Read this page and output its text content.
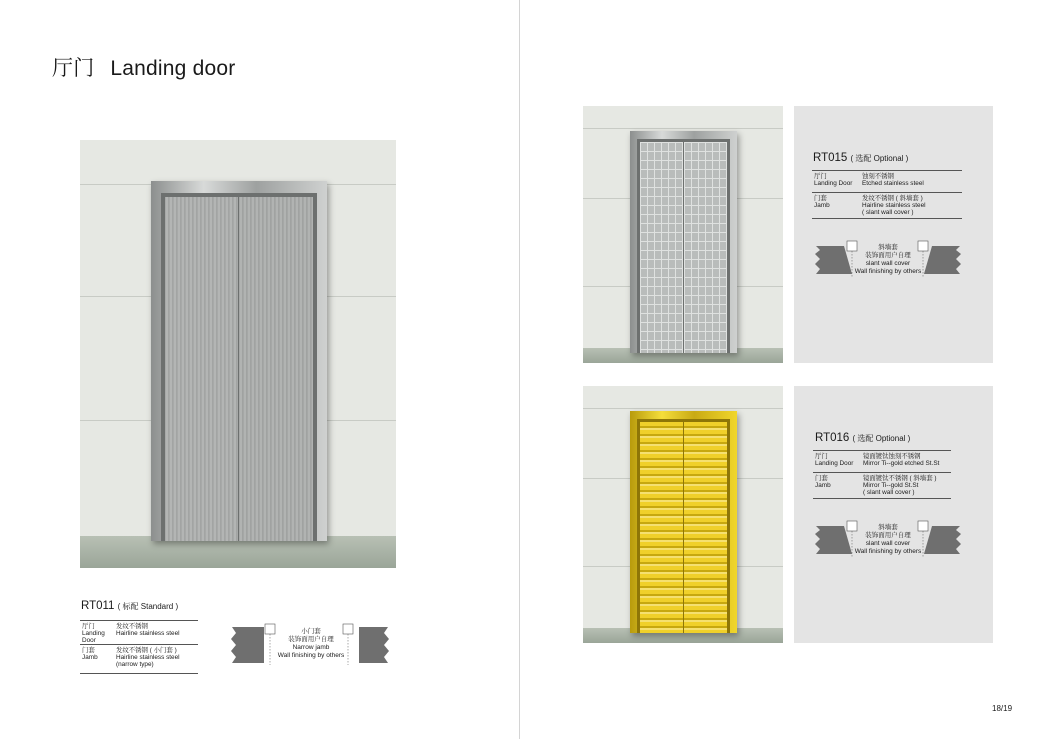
厅门 Landing door
RT011 ( 标配 Standard )
厅门
Landing Door
发纹不锈钢
Hairline stainless steel
门套
Jamb
发纹不锈钢 ( 小门套 )
Hairline stainless steel
(narrow type)
小门套
装饰面用户自理
Narrow jamb
Wall finishing by others
RT015 ( 选配 Optional )
厅门
Landing Door
蚀刻不锈钢
Etched stainless steel
门套
Jamb
发纹不锈钢 ( 斜墙套 )
Hairline stainless steel
( slant wall cover )
斜墙套
装饰面用户自理
slant wall cover
Wall finishing by others
RT016 ( 选配 Optional )
厅门
Landing Door
镜面镀钛蚀刻不锈钢
Mirror Ti--gold etched St.St
门套
Jamb
镜面镀钛不锈钢 ( 斜墙套 )
Mirror Ti--gold St.St
( slant wall cover )
斜墙套
装饰面用户自理
slant wall cover
Wall finishing by others
18/19
